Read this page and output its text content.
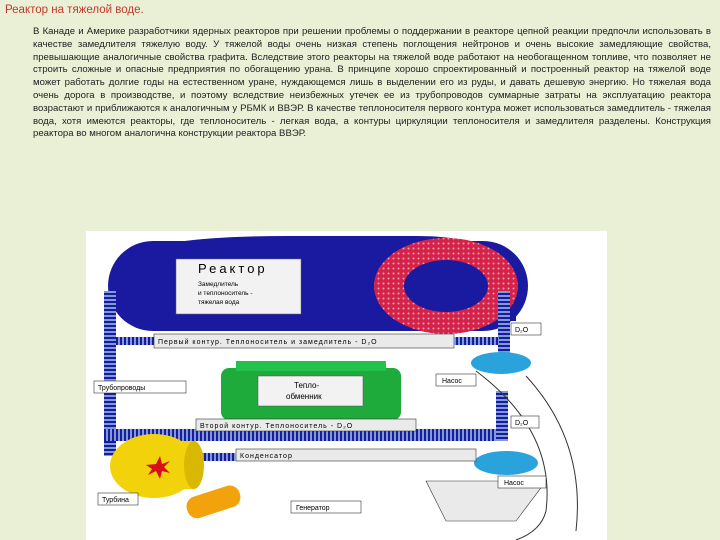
Реактор на тяжелой воде.

В Канаде и Америке разработчики ядерных реакторов при решении проблемы о поддержании в реакторе цепной реакции предпочли использовать в качестве замедлителя тяжелую воду. У тяжелой воды очень низкая степень поглощения нейтронов и очень высокие замедляющие свойства, превышающие аналогичные свойства графита. Вследствие этого реакторы на тяжелой воде работают на необогащенном топливе, что позволяет не строить сложные и опасные предприятия по обогащению урана. В принципе хорошо спроектированный и построенный реактор на тяжелой воде может работать долгие годы на естественном уране, нуждающемся лишь в выделении его из руды, и давать дешевую энергию. Но тяжелая вода очень дорога в производстве, и поэтому вследствие неизбежных утечек ее из трубопроводов суммарные затраты на эксплуатацию реактора возрастают и приближаются к аналогичным у РБМК и ВВЭР. В качестве теплоносителя первого контура может использоваться замедлитель - тяжелая вода, хотя имеются реакторы, где теплоноситель - легкая вода, а контуры циркуляции теплоносителя и замедлителя разделены. Конструкция реактора во многом аналогична конструкции реактора ВВЭР.

Реактор
Замедлитель
и теплоноситель -
тяжелая вода
D₂O
Первый контур. Теплоноситель и замедлитель - D₂O
Трубопроводы
Насос
Тепло-
обменник
D₂O
Второй контур. Теплоноситель - D₂O
Конденсатор
Насос
Турбина
Генератор
